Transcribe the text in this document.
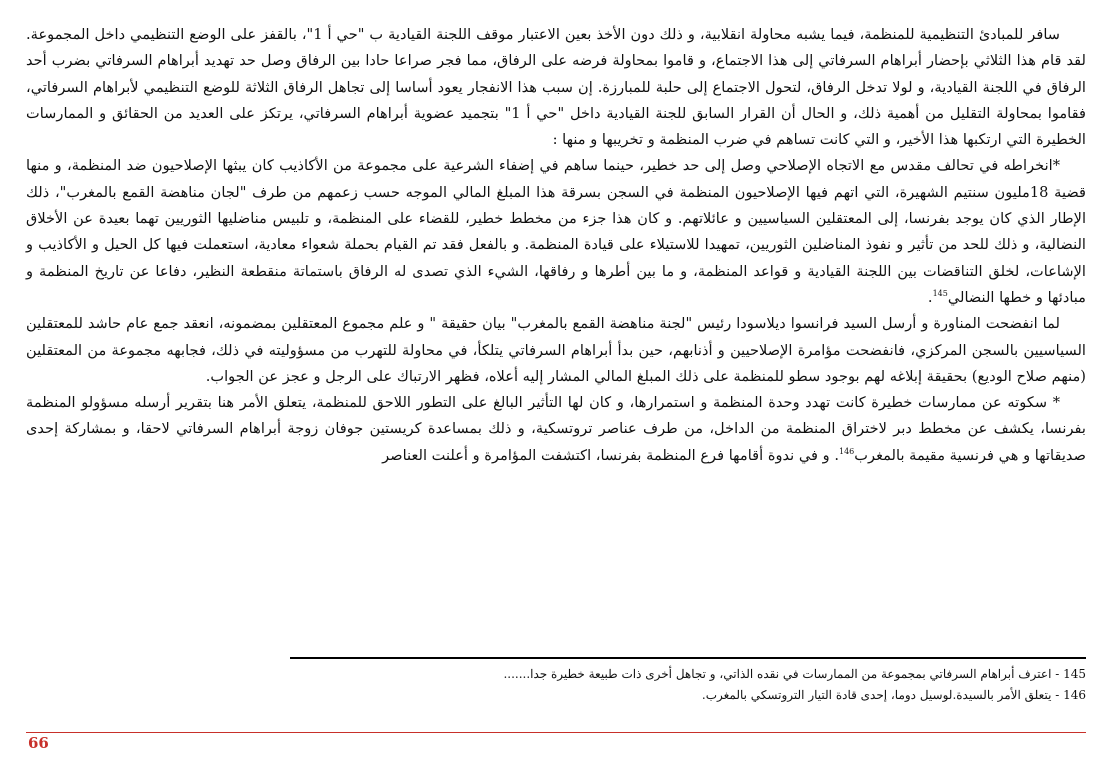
سافر للمبادئ التنظيمية للمنظمة، فيما يشبه محاولة انقلابية، و ذلك دون الأخذ بعين الاعتبار موقف اللجنة القيادية ب "حي أ 1"، بالقفز على الوضع التنظيمي داخل المجموعة. لقد قام هذا الثلاثي بإحضار أبراهام السرفاتي إلى هذا الاجتماع، و قاموا بمحاولة فرضه على الرفاق، مما فجر صراعا حادا بين الرفاق وصل حد تهديد أبراهام السرفاتي بضرب أحد الرفاق في اللجنة القيادية، و لولا تدخل الرفاق، لتحول الاجتماع إلى حلبة للمبارزة. إن سبب هذا الانفجار يعود أساسا إلى تجاهل الرفاق الثلاثة للوضع التنظيمي لأبراهام السرفاتي، فقاموا بمحاولة التقليل من أهمية ذلك، و الحال أن القرار السابق للجنة القيادية داخل "حي أ 1" بتجميد عضوية أبراهام السرفاتي، يرتكز على العديد من الحقائق و الممارسات الخطيرة التي ارتكبها هذا الأخير، و التي كانت تساهم في ضرب المنظمة و تخريبها و منها :

*انخراطه في تحالف مقدس مع الاتجاه الإصلاحي وصل إلى حد خطير، حينما ساهم في إضفاء الشرعية على مجموعة من الأكاذيب كان يبثها الإصلاحيون ضد المنظمة، و منها قضية 18مليون سنتيم الشهيرة، التي اتهم فيها الإصلاحيون المنظمة في السجن بسرقة هذا المبلغ المالي الموجه حسب زعمهم من طرف "لجان مناهضة القمع بالمغرب"، ذلك الإطار الذي كان يوجد بفرنسا، إلى المعتقلين السياسيين و عائلاتهم. و كان هذا جزء من مخطط خطير، للقضاء على المنظمة، و تلبيس مناضليها الثوريين تهما بعيدة عن الأخلاق النضالية، و ذلك للحد من تأثير و نفوذ المناضلين الثوريين، تمهيدا للاستيلاء على قيادة المنظمة. و بالفعل فقد تم القيام بحملة شعواء معادية، استعملت فيها كل الحيل و الأكاذيب و الإشاعات، لخلق التناقضات بين اللجنة القيادية و قواعد المنظمة، و ما بين أطرها و رفاقها، الشيء الذي تصدى له الرفاق باستماتة منقطعة النظير، دفاعا عن تاريخ المنظمة و مبادئها و خطها النضالي$^{145}$.

لما انفضحت المناورة و أرسل السيد فرانسوا ديلاسودا رئيس "لجنة مناهضة القمع بالمغرب" بيان حقيقة " و علم مجموع المعتقلين بمضمونه، انعقد جمع عام حاشد للمعتقلين السياسيين بالسجن المركزي، فانفضحت مؤامرة الإصلاحيين و أذنابهم، حين بدأ أبراهام السرفاتي يتلكأ، في محاولة للتهرب من مسؤوليته في ذلك، فجابهه مجموعة من المعتقلين (منهم صلاح الوديع) بحقيقة إبلاغه لهم بوجود سطو للمنظمة على ذلك المبلغ المالي المشار إليه أعلاه، فظهر الارتباك على الرجل و عجز عن الجواب.

* سكوته عن ممارسات خطيرة كانت تهدد وحدة المنظمة و استمرارها، و كان لها التأثير البالغ على التطور اللاحق للمنظمة، يتعلق الأمر هنا بتقرير أرسله مسؤولو المنظمة بفرنسا، يكشف عن مخطط دبر لاختراق المنظمة من الداخل، من طرف عناصر تروتسكية، و ذلك بمساعدة كريستين جوفان زوجة أبراهام السرفاتي لاحقا، و بمشاركة إحدى صديقاتها و هي فرنسية مقيمة بالمغرب$^{146}$. و في ندوة أقامها فرع المنظمة بفرنسا، اكتشفت المؤامرة و أعلنت العناصر

145 - اعترف أبراهام السرفاتي بمجموعة من الممارسات في نقده الذاتي، و تجاهل أخرى ذات طبيعة خطيرة جدا.......
146 - يتعلق الأمر بالسيدة.لوسيل دوما، إحدى قادة التيار التروتسكي بالمغرب.
66
